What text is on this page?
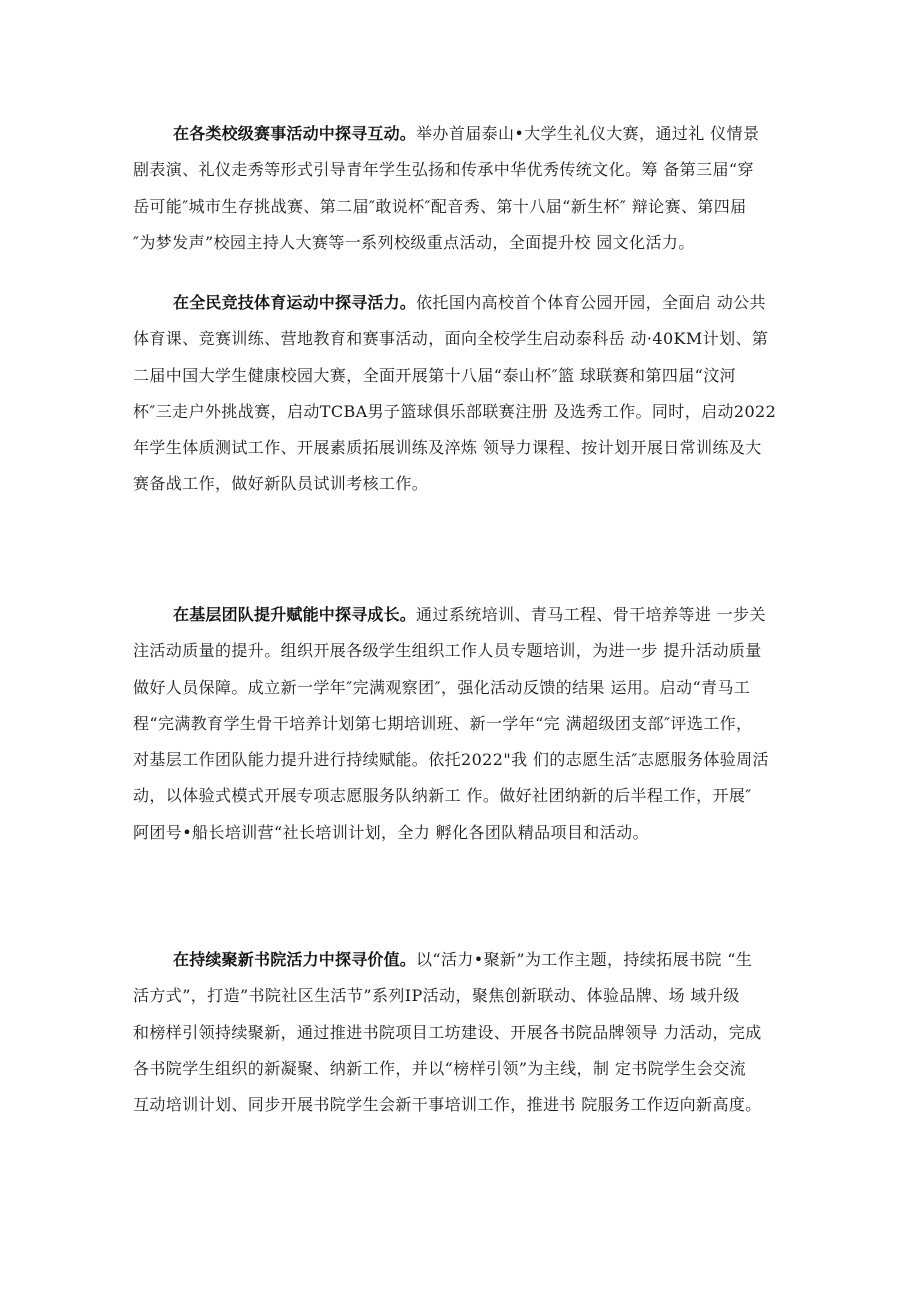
在各类校级赛事活动中探寻互动。举办首届泰山•大学生礼仪大赛，通过礼 仪情景
剧表演、礼仪走秀等形式引导青年学生弘扬和传承中华优秀传统文化。筹 备第三届“穿
岳可能″城市生存挑战赛、第二届″敢说杯″配音秀、第十八届“新生杯″ 辩论赛、第四届
″为梦发声”校园主持人大赛等一系列校级重点活动，全面提升校 园文化活力。
在全民竞技体育运动中探寻活力。依托国内高校首个体育公园开园，全面启 动公共
体育课、竞赛训练、营地教育和赛事活动，面向全校学生启动泰科岳 动·40KM计划、第
二届中国大学生健康校园大赛，全面开展第十八届“泰山杯″篮 球联赛和第四届“汶河
杯″三走户外挑战赛，启动TCBA男子篮球俱乐部联赛注册 及选秀工作。同时，启动2022
年学生体质测试工作、开展素质拓展训练及淬炼 领导力课程、按计划开展日常训练及大
赛备战工作，做好新队员试训考核工作。
在基层团队提升赋能中探寻成长。通过系统培训、青马工程、骨干培养等进 一步关
注活动质量的提升。组织开展各级学生组织工作人员专题培训，为进一步 提升活动质量
做好人员保障。成立新一学年″完满观察团″，强化活动反馈的结果 运用。启动“青马工
程“完满教育学生骨干培养计划第七期培训班、新一学年“完 满超级团支部″评选工作，
对基层工作团队能力提升进行持续赋能。依托2022"我 们的志愿生活″志愿服务体验周活
动，以体验式模式开展专项志愿服务队纳新工 作。做好社团纳新的后半程工作，开展″
阿团号•船长培训营“社长培训计划，全力 孵化各团队精品项目和活动。
在持续聚新书院活力中探寻价值。以“活力•聚新”为工作主题，持续拓展书院 “生
活方式”，打造”书院社区生活节”系列IP活动，聚焦创新联动、体验品牌、场 域升级
和榜样引领持续聚新，通过推进书院项目工坊建设、开展各书院品牌领导 力活动，完成
各书院学生组织的新凝聚、纳新工作，并以“榜样引领”为主线，制 定书院学生会交流
互动培训计划、同步开展书院学生会新干事培训工作，推进书 院服务工作迈向新高度。
